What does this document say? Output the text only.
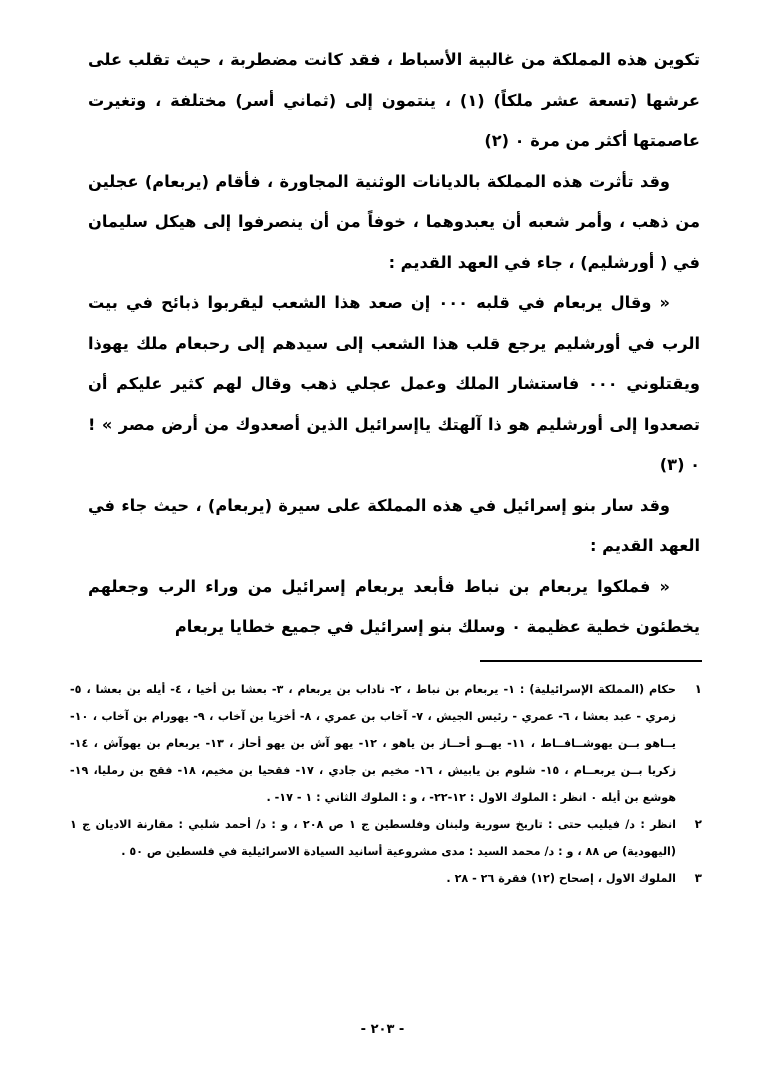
تكوين هذه المملكة من غالبية الأسباط ، فقد كانت مضطربة ، حيث تقلب على عرشها (تسعة عشر ملكاً) (١) ، ينتمون إلى (ثماني أسر) مختلفة ، وتغيرت عاصمتها أكثر من مرة ٠ (٢)

وقد تأثرت هذه المملكة بالديانات الوثنية المجاورة ، فأقام (يربعام) عجلين من ذهب ، وأمر شعبه أن يعبدوهما ، خوفاً من أن ينصرفوا إلى هيكل سليمان في ( أورشليم) ، جاء في العهد القديم :

« وقال يربعام في قلبه ٠٠٠ إن صعد هذا الشعب ليقربوا ذبائح في بيت الرب في أورشليم يرجع قلب هذا الشعب إلى سيدهم إلى رحبعام ملك يهوذا ويقتلوني ٠٠٠ فاستشار الملك وعمل عجلي ذهب وقال لهم كثير عليكم أن تصعدوا إلى أورشليم هو ذا آلهتك ياإسرائيل الذين أصعدوك من أرض مصر » ! ٠ (٣)

وقد سار بنو إسرائيل في هذه المملكة على سيرة (يربعام) ، حيث جاء في العهد القديم :

« فملكوا يربعام بن نباط فأبعد يربعام إسرائيل من وراء الرب وجعلهم يخطئون خطية عظيمة ٠ وسلك بنو إسرائيل في جميع خطايا يربعام

١
حكام (المملكة الإسرائيلية) : ١- يربعام بن نباط ، ٢- ناداب بن يربعام ، ٣- بعشا بن أخيا ، ٤- أيله بن بعشا ، ٥- زمري - عبد بعشا ، ٦- عمري - رئيس الجيش ، ٧- آخاب بن عمري ، ٨- أخزيا بن آخاب ، ٩- يهورام بن آخاب ، ١٠- يــاهو بــن يهوشــافــاط ، ١١- يهــو أحــاز بن ياهو ، ١٢- يهو آش بن يهو أحاز ، ١٣- يربعام بن يهوآش ، ١٤- زكريا بــن يربعــام ، ١٥- شلوم بن يابيش ، ١٦- مخيم بن جادي ، ١٧- فقحيا بن مخيم، ١٨- فقح بن رمليا، ١٩- هوشع بن أيله ٠ انظر : الملوك الاول : ١٢-٢٢- ، و : الملوك الثاني : ١ - ١٧- .
٢
انظر : د/ فيليب حتى : تاريخ سورية ولبنان وفلسطين ج ١ ص ٢٠٨ ، و : د/ أحمد شلبي : مقارنة الاديان ج ١ (اليهودية) ص ٨٨ ، و : د/ محمد السيد : مدى مشروعية أسانيد السيادة الاسرائيلية في فلسطين ص ٥٠ .
٣
الملوك الاول ، إصحاح (١٢) فقرة ٢٦ - ٢٨ .
- ٢٠٣ -
